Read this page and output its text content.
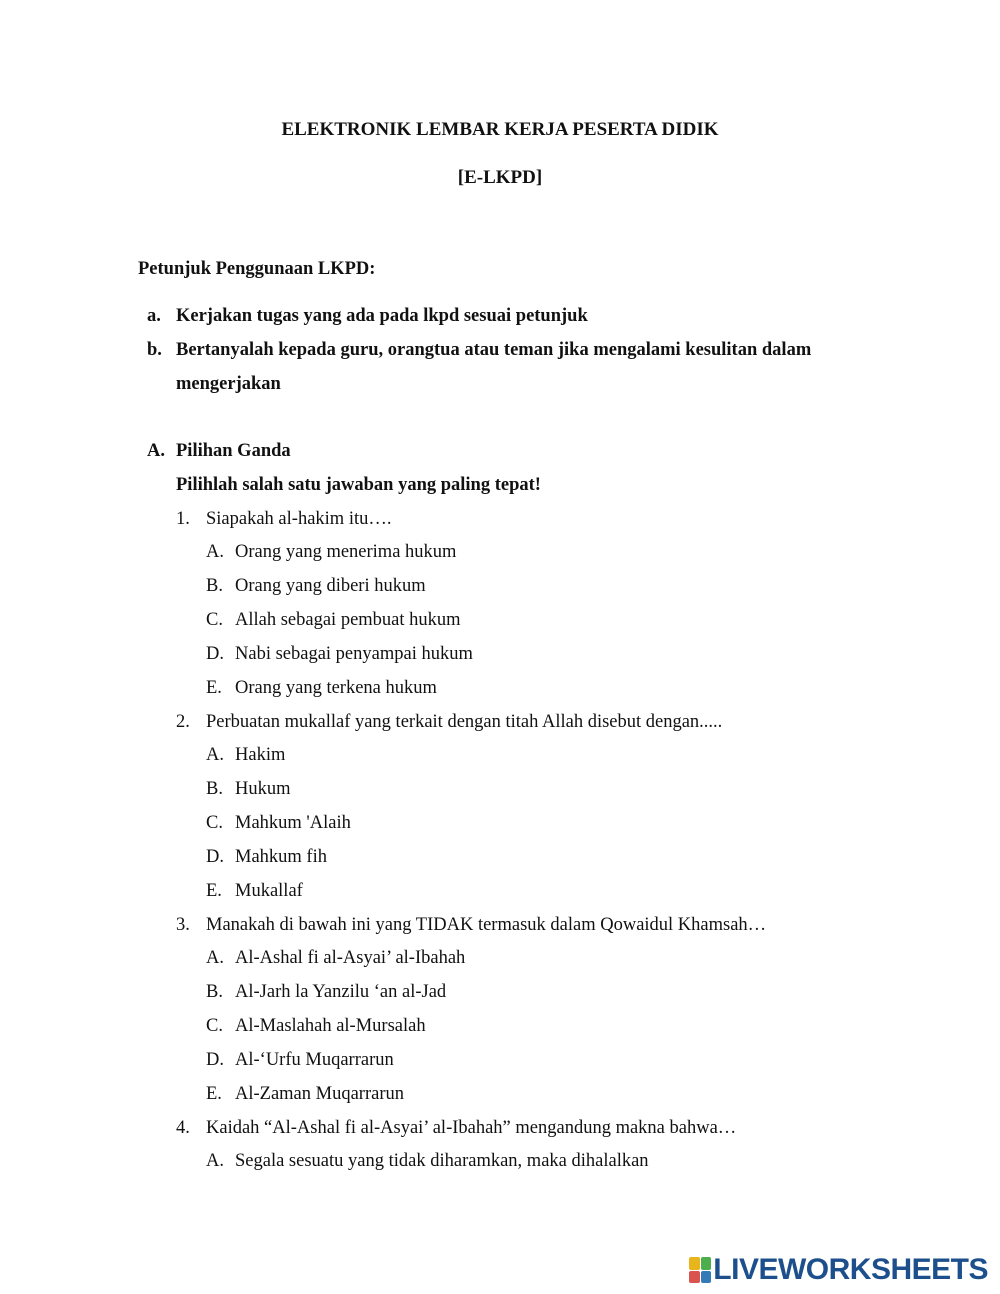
ELEKTRONIK LEMBAR KERJA PESERTA DIDIK
[E-LKPD]
Petunjuk Penggunaan LKPD:
a. Kerjakan tugas yang ada pada lkpd sesuai petunjuk
b. Bertanyalah kepada guru, orangtua atau teman jika mengalami kesulitan dalam
mengerjakan
A. Pilihan Ganda
Pilihlah salah satu jawaban yang paling tepat!
1. Siapakah al-hakim itu….
A. Orang yang menerima hukum
B. Orang yang diberi hukum
C. Allah sebagai pembuat hukum
D. Nabi sebagai penyampai hukum
E. Orang yang terkena hukum
2. Perbuatan mukallaf yang terkait dengan titah Allah disebut dengan.....
A. Hakim
B. Hukum
C. Mahkum 'Alaih
D. Mahkum fih
E. Mukallaf
3. Manakah di bawah ini yang TIDAK termasuk dalam Qowaidul Khamsah…
A. Al-Ashal fi al-Asyai’ al-Ibahah
B. Al-Jarh la Yanzilu ‘an al-Jad
C. Al-Maslahah al-Mursalah
D. Al-‘Urfu Muqarrarun
E. Al-Zaman Muqarrarun
4. Kaidah “Al-Ashal fi al-Asyai’ al-Ibahah” mengandung makna bahwa…
A. Segala sesuatu yang tidak diharamkan, maka dihalalkan
LIVEWORKSHEETS
